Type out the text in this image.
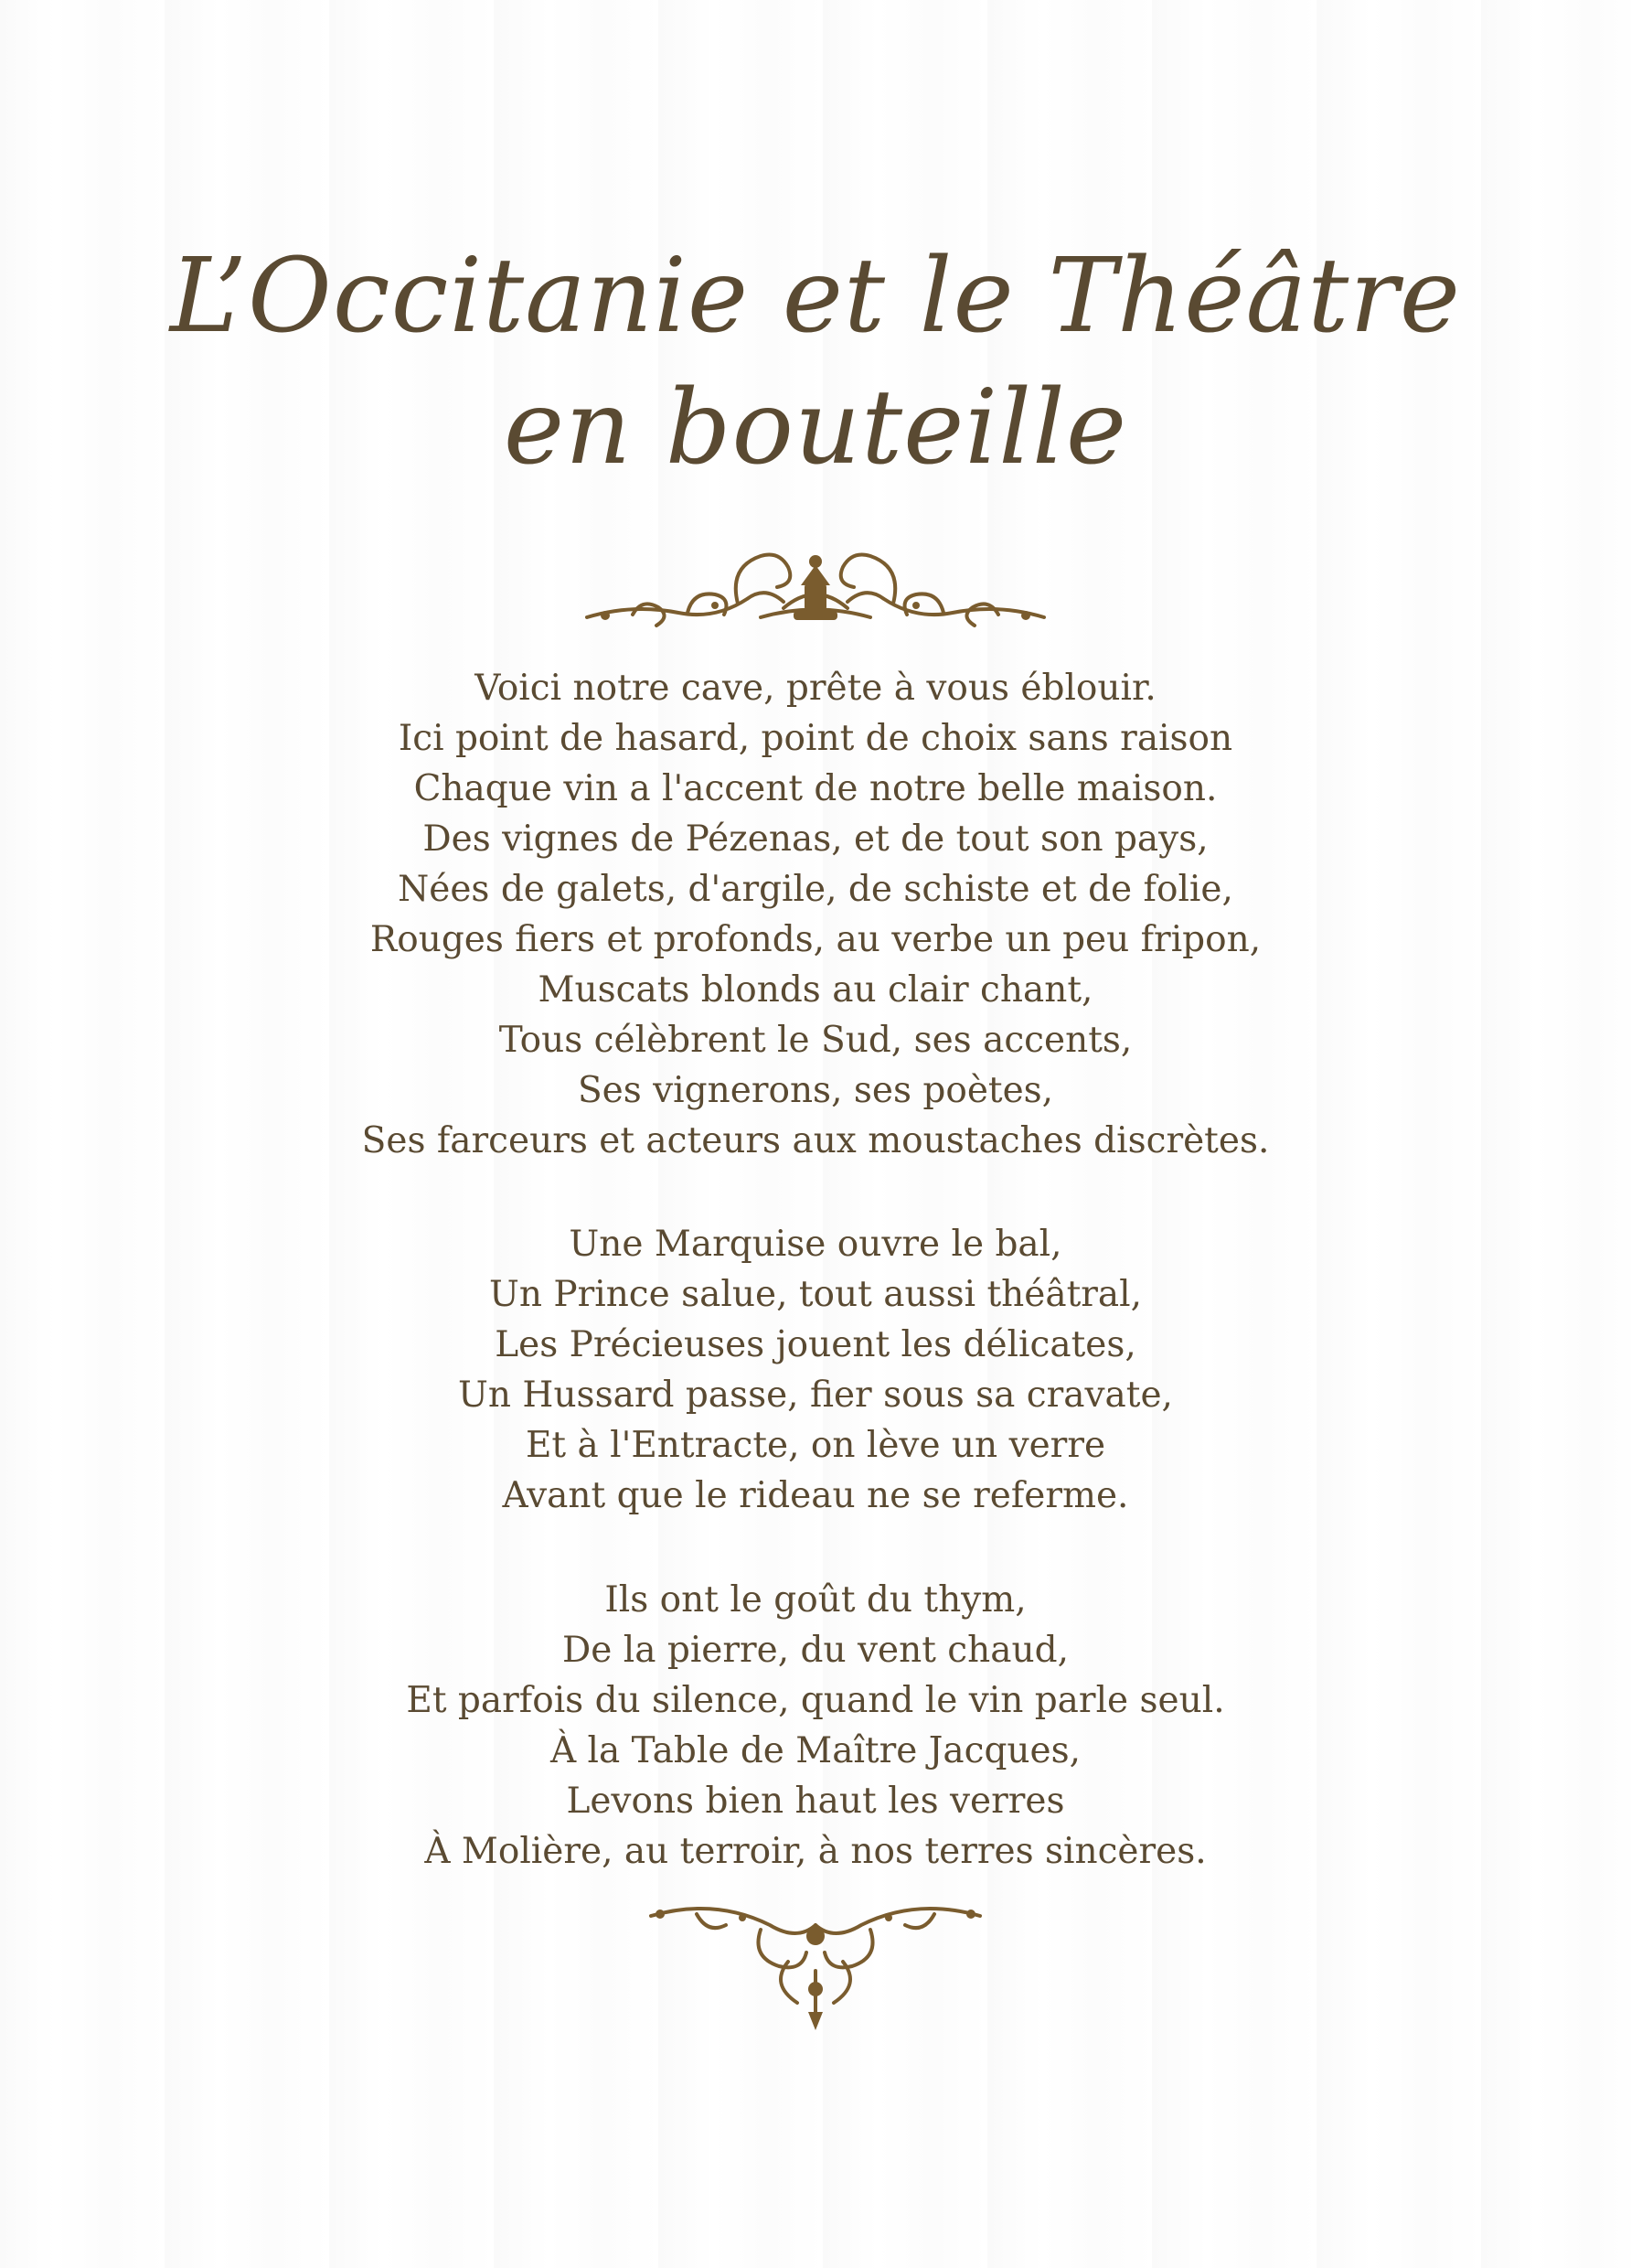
L’Occitanie et le Théâtre
en bouteille
Voici notre cave, prête à vous éblouir.
Ici point de hasard, point de choix sans raison
Chaque vin a l'accent de notre belle maison.
Des vignes de Pézenas, et de tout son pays,
Nées de galets, d'argile, de schiste et de folie,
Rouges fiers et profonds, au verbe un peu fripon,
Muscats blonds au clair chant,
Tous célèbrent le Sud, ses accents,
Ses vignerons, ses poètes,
Ses farceurs et acteurs aux moustaches discrètes.
Une Marquise ouvre le bal,
Un Prince salue, tout aussi théâtral,
Les Précieuses jouent les délicates,
Un Hussard passe, fier sous sa cravate,
Et à l'Entracte, on lève un verre
Avant que le rideau ne se referme.
Ils ont le goût du thym,
De la pierre, du vent chaud,
Et parfois du silence, quand le vin parle seul.
À la Table de Maître Jacques,
Levons bien haut les verres
À Molière, au terroir, à nos terres sincères.
